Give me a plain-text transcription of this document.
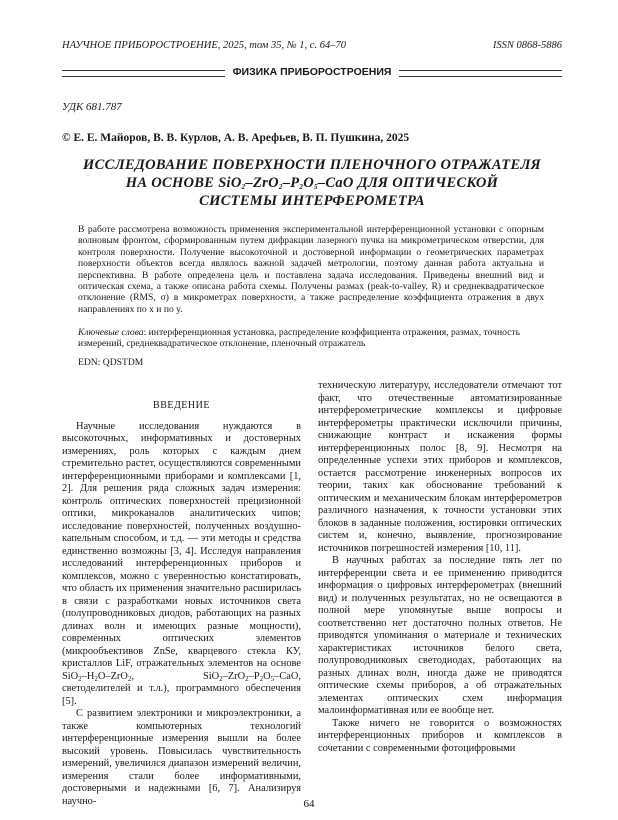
НАУЧНОЕ ПРИБОРОСТРОЕНИЕ, 2025, том 35, № 1, c. 64–70	ISSN 0868-5886
ФИЗИКА ПРИБОРОСТРОЕНИЯ
УДК 681.787
© Е. Е. Майоров, В. В. Курлов, А. В. Арефьев, В. П. Пушкина, 2025
ИССЛЕДОВАНИЕ ПОВЕРХНОСТИ ПЛЕНОЧНОГО ОТРАЖАТЕЛЯ
НА ОСНОВЕ $SiO_2-ZrO_2-P_2O_5$–CaO ДЛЯ ОПТИЧЕСКОЙ
СИСТЕМЫ ИНТЕРФЕРОМЕТРА
В работе рассмотрена возможность применения экспериментальной интерференционной установки с опорным волновым фронтом, сформированным путем дифракции лазерного пучка на микрометрическом отверстии, для контроля поверхности. Получение высокоточной и достоверной информации о геометрических параметрах поверхности объектов всегда являлось важной задачей метрологии, поэтому данная работа актуальна и перспективна. В работе определена цель и поставлена задача исследования. Приведены внешний вид и оптическая схема, а также описана работа схемы. Получены размах (peak-to-valley, R) и среднеквадратическое отклонение (RMS, σ) в микрометрах поверхности, а также распределение коэффициента отражения в двух направлениях по x и по y.
Ключевые слова: интерференционная установка, распределение коэффициента отражения, размах, точность измерений, среднеквадратическое отклонение, пленочный отражатель
EDN: QDSTDM

ВВЕДЕНИЕ

Научные исследования нуждаются в высокоточных, информативных и достоверных измерениях, роль которых с каждым днем стремительно растет, осуществляются современными интерференционными приборами и комплексами [1, 2]. Для решения ряда сложных задач измерения: контроль оптических поверхностей прецизионной оптики, микроканалов аналитических чипов; исследование поверхностей, полученных воздушно-капельным способом, и т.д. — эти методы и средства единственно возможны [3, 4]. Исследуя направления исследований интерференционных приборов и комплексов, можно с уверенностью констатировать, что область их применения значительно расширилась в связи с разработками новых источников света (полупроводниковых диодов, работающих на разных длинах волн и имеющих разные мощности), современных оптических элементов (микрообъективов ZnSe, кварцевого стекла КУ, кристаллов LiF, отражательных элементов на основе $SiO_2-H_2O-ZrO_2$, $SiO_2-ZrO_2-P_2O_5$–CaO, светоделителей и т.л.), программного обеспечения [5].

С развитием электроники и микроэлектроники, а также компьютерных технологий интерференционные измерения вышли на более высокий уровень. Повысилась чувствительность измерений, увеличился диапазон измерений величин, измерения стали более информативными, достоверными и надежными [6, 7]. Анализируя научно-

техническую литературу, исследователи отмечают тот факт, что отечественные автоматизированные интерферометрические комплексы и цифровые интерферометры практически исключили причины, снижающие контраст и искажения формы интерференционных полос [8, 9]. Несмотря на определенные успехи этих приборов и комплексов, остается рассмотрение инженерных вопросов их теории, таких как обоснование требований к оптическим и механическим блокам интерферометров различного назначения, к точности установки этих блоков в заданные положения, юстировки оптических систем и, конечно, выявление, прогнозирование источников погрешностей измерения [10, 11].

В научных работах за последние пять лет по интерференции света и ее применению приводится информация о цифровых интерферометрах (внешний вид) и полученных результатах, но не освещаются в полной мере упомянутые выше вопросы и соответственно нет достаточно полных ответов. Не приводятся упоминания о материале и технических характеристиках источников белого света, полупроводниковых светодиодах, работающих на разных длинах волн, иногда даже не приводятся оптические схемы приборов, а об отражательных элементах оптических схем информация малоинформативная или ее вообще нет.

Также ничего не говорится о возможностях интерференционных приборов и комплексов в сочетании с современными фотоцифровыми

64
